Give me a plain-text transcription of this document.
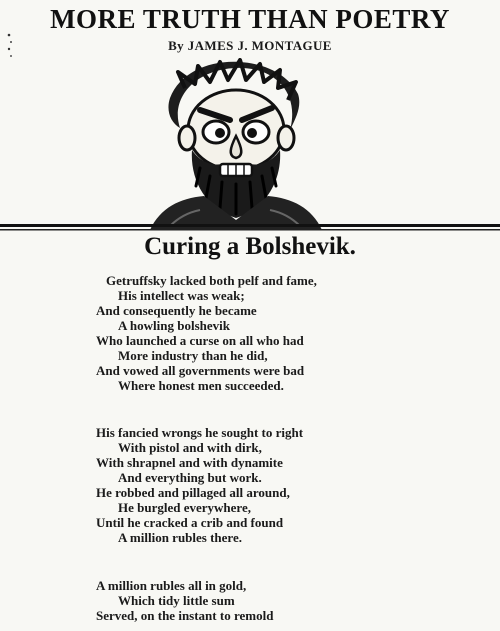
MORE TRUTH THAN POETRY
By JAMES J. MONTAGUE
Curing a Bolshevik.
Getruffsky lacked both pelf and fame,
His intellect was weak;
And consequently he became
A howling bolshevik
Who launched a curse on all who had
More industry than he did,
And vowed all governments were bad
Where honest men succeeded.
His fancied wrongs he sought to right
With pistol and with dirk,
With shrapnel and with dynamite
And everything but work.
He robbed and pillaged all around,
He burgled everywhere,
Until he cracked a crib and found
A million rubles there.
A million rubles all in gold,
Which tidy little sum
Served, on the instant to remold
